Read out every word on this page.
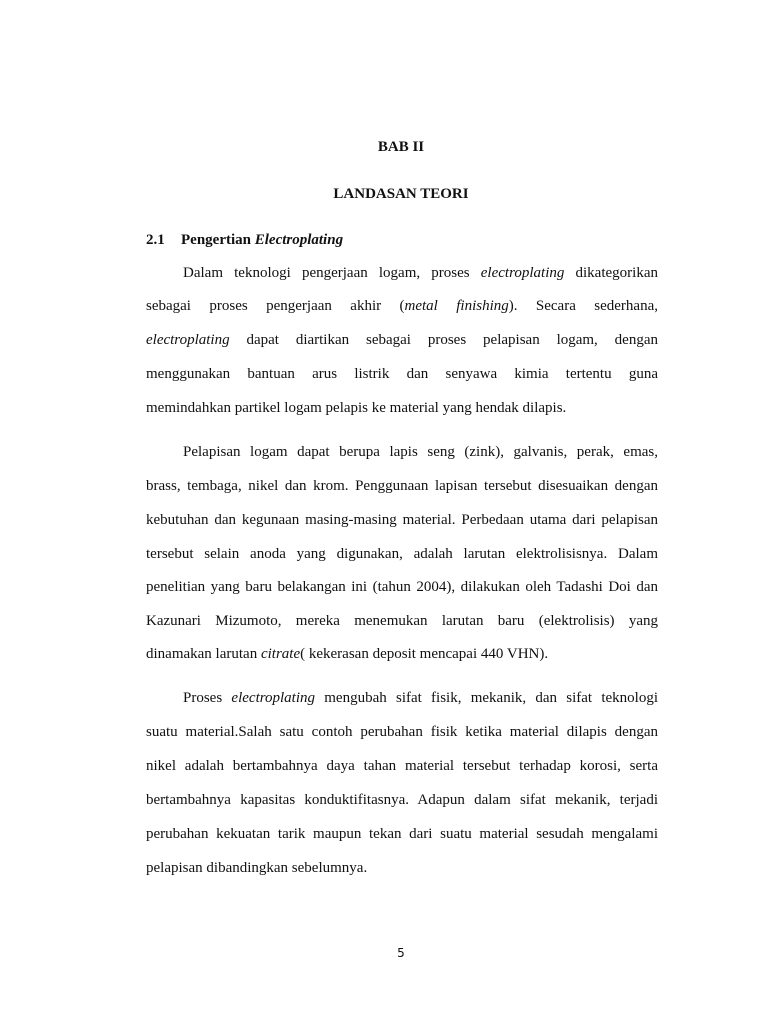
BAB II
LANDASAN TEORI
2.1 Pengertian Electroplating
Dalam teknologi pengerjaan logam, proses electroplating dikategorikan
sebagai proses pengerjaan akhir (metal finishing). Secara sederhana,
electroplating dapat diartikan sebagai proses pelapisan logam, dengan
menggunakan bantuan arus listrik dan senyawa kimia tertentu guna
memindahkan partikel logam pelapis ke material yang hendak dilapis.
Pelapisan logam dapat berupa lapis seng (zink), galvanis, perak, emas,
brass, tembaga, nikel dan krom. Penggunaan lapisan tersebut disesuaikan dengan
kebutuhan dan kegunaan masing-masing material. Perbedaan utama dari pelapisan
tersebut selain anoda yang digunakan, adalah larutan elektrolisisnya. Dalam
penelitian yang baru belakangan ini (tahun 2004), dilakukan oleh Tadashi Doi dan
Kazunari Mizumoto, mereka menemukan larutan baru (elektrolisis) yang
dinamakan larutan citrate( kekerasan deposit mencapai 440 VHN).
Proses electroplating mengubah sifat fisik, mekanik, dan sifat teknologi
suatu material.Salah satu contoh perubahan fisik ketika material dilapis dengan
nikel adalah bertambahnya daya tahan material tersebut terhadap korosi, serta
bertambahnya kapasitas konduktifitasnya. Adapun dalam sifat mekanik, terjadi
perubahan kekuatan tarik maupun tekan dari suatu material sesudah mengalami
pelapisan dibandingkan sebelumnya.
5
